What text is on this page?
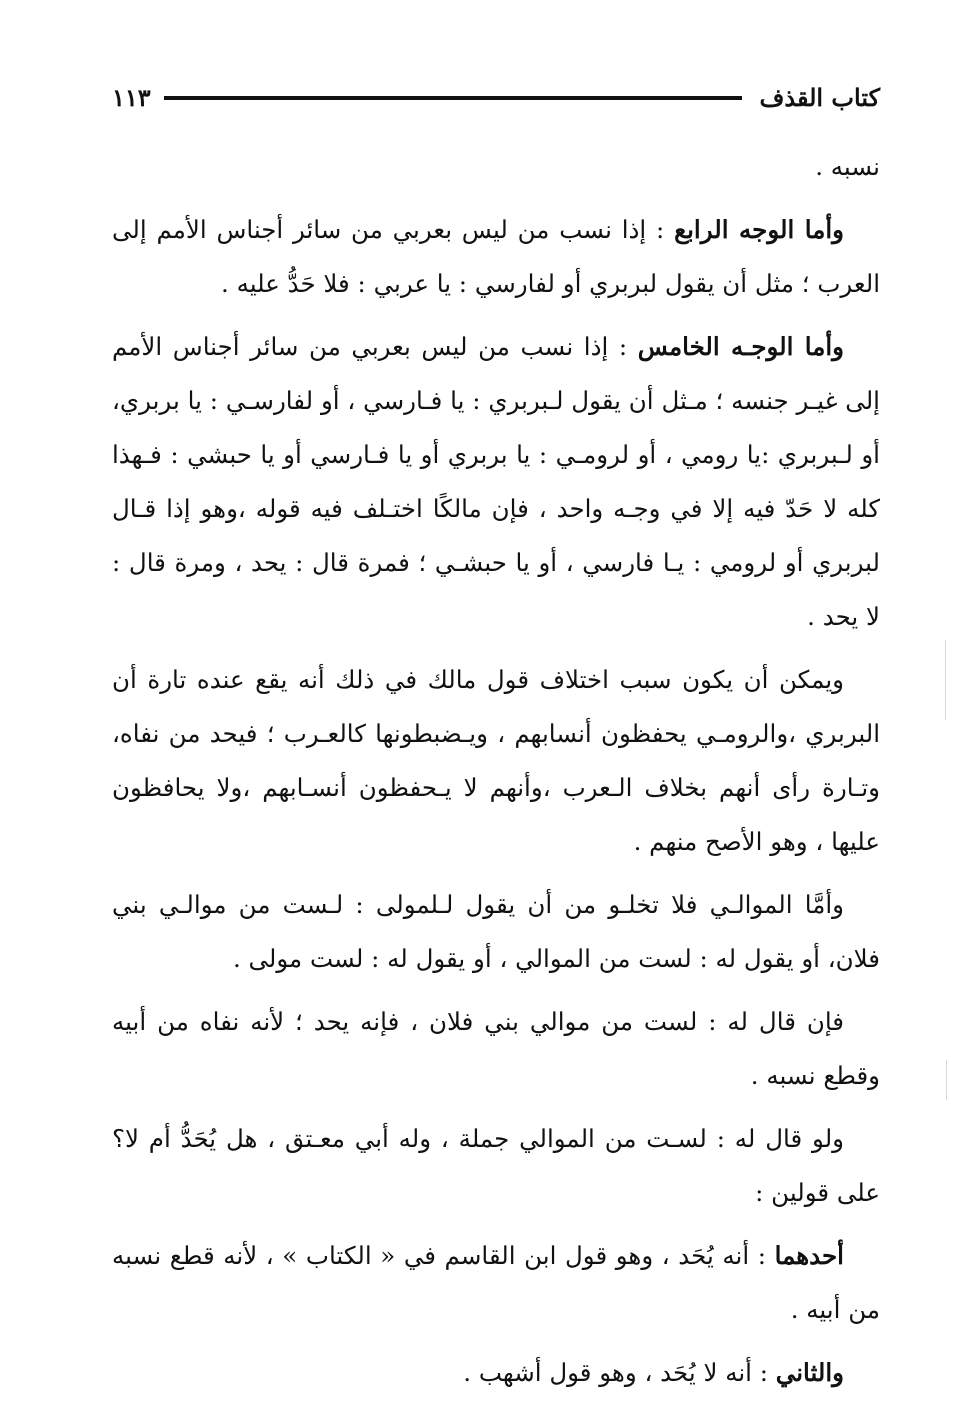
كتاب القذف
١١٣

نسبه .

وأما الوجه الرابع : إذا نسب من ليس بعربي من سائر أجناس الأمم إلى العرب ؛ مثل أن يقول لبربري أو لفارسي : يا عربي : فلا حَدُّ عليه .

وأما الوجـه الخامس : إذا نسب من ليس بعربي من سائر أجناس الأمم إلى غيـر جنسه ؛ مـثل أن يقول لـبربري : يا فـارسي ، أو لفارسـي : يا بربري، أو لـبربري :يا رومي ، أو لرومـي : يا بربري أو يا فـارسي أو يا حبشي : فـهذا كله لا حَدّ فيه إلا في وجـه واحد ، فإن مالكًا اختـلف فيه قوله ،وهو إذا قـال لبربري أو لرومي : يـا فارسي ، أو يا حبشـي ؛ فمرة قال : يحد ، ومرة قال : لا يحد .

ويمكن أن يكون سبب اختلاف قول مالك في ذلك أنه يقع عنده تارة أن البربري ،والرومـي يحفظون أنسابهم ، ويـضبطونها كالعـرب ؛ فيحد من نفاه، وتـارة رأى أنهم بخلاف الـعرب ،وأنهم لا يـحفظون أنسـابهم ،ولا يحافظون عليها ، وهو الأصح منهم .

وأمَّا الموالـي فلا تخلـو من أن يقول لـلمولى : لـست من موالـي بني فلان، أو يقول له : لست من الموالي ، أو يقول له : لست مولى .

فإن قال له : لست من موالي بني فلان ، فإنه يحد ؛ لأنه نفاه من أبيه وقطع نسبه .

ولو قال له : لسـت من الموالي جملة ، وله أبي معـتق ، هل يُحَدُّ أم لا؟ على قولين :

أحدهما : أنه يُحَد ، وهو قول ابن القاسم في « الكتاب » ، لأنه قطع نسبه من أبيه .

والثاني : أنه لا يُحَد ، وهو قول أشهب .
